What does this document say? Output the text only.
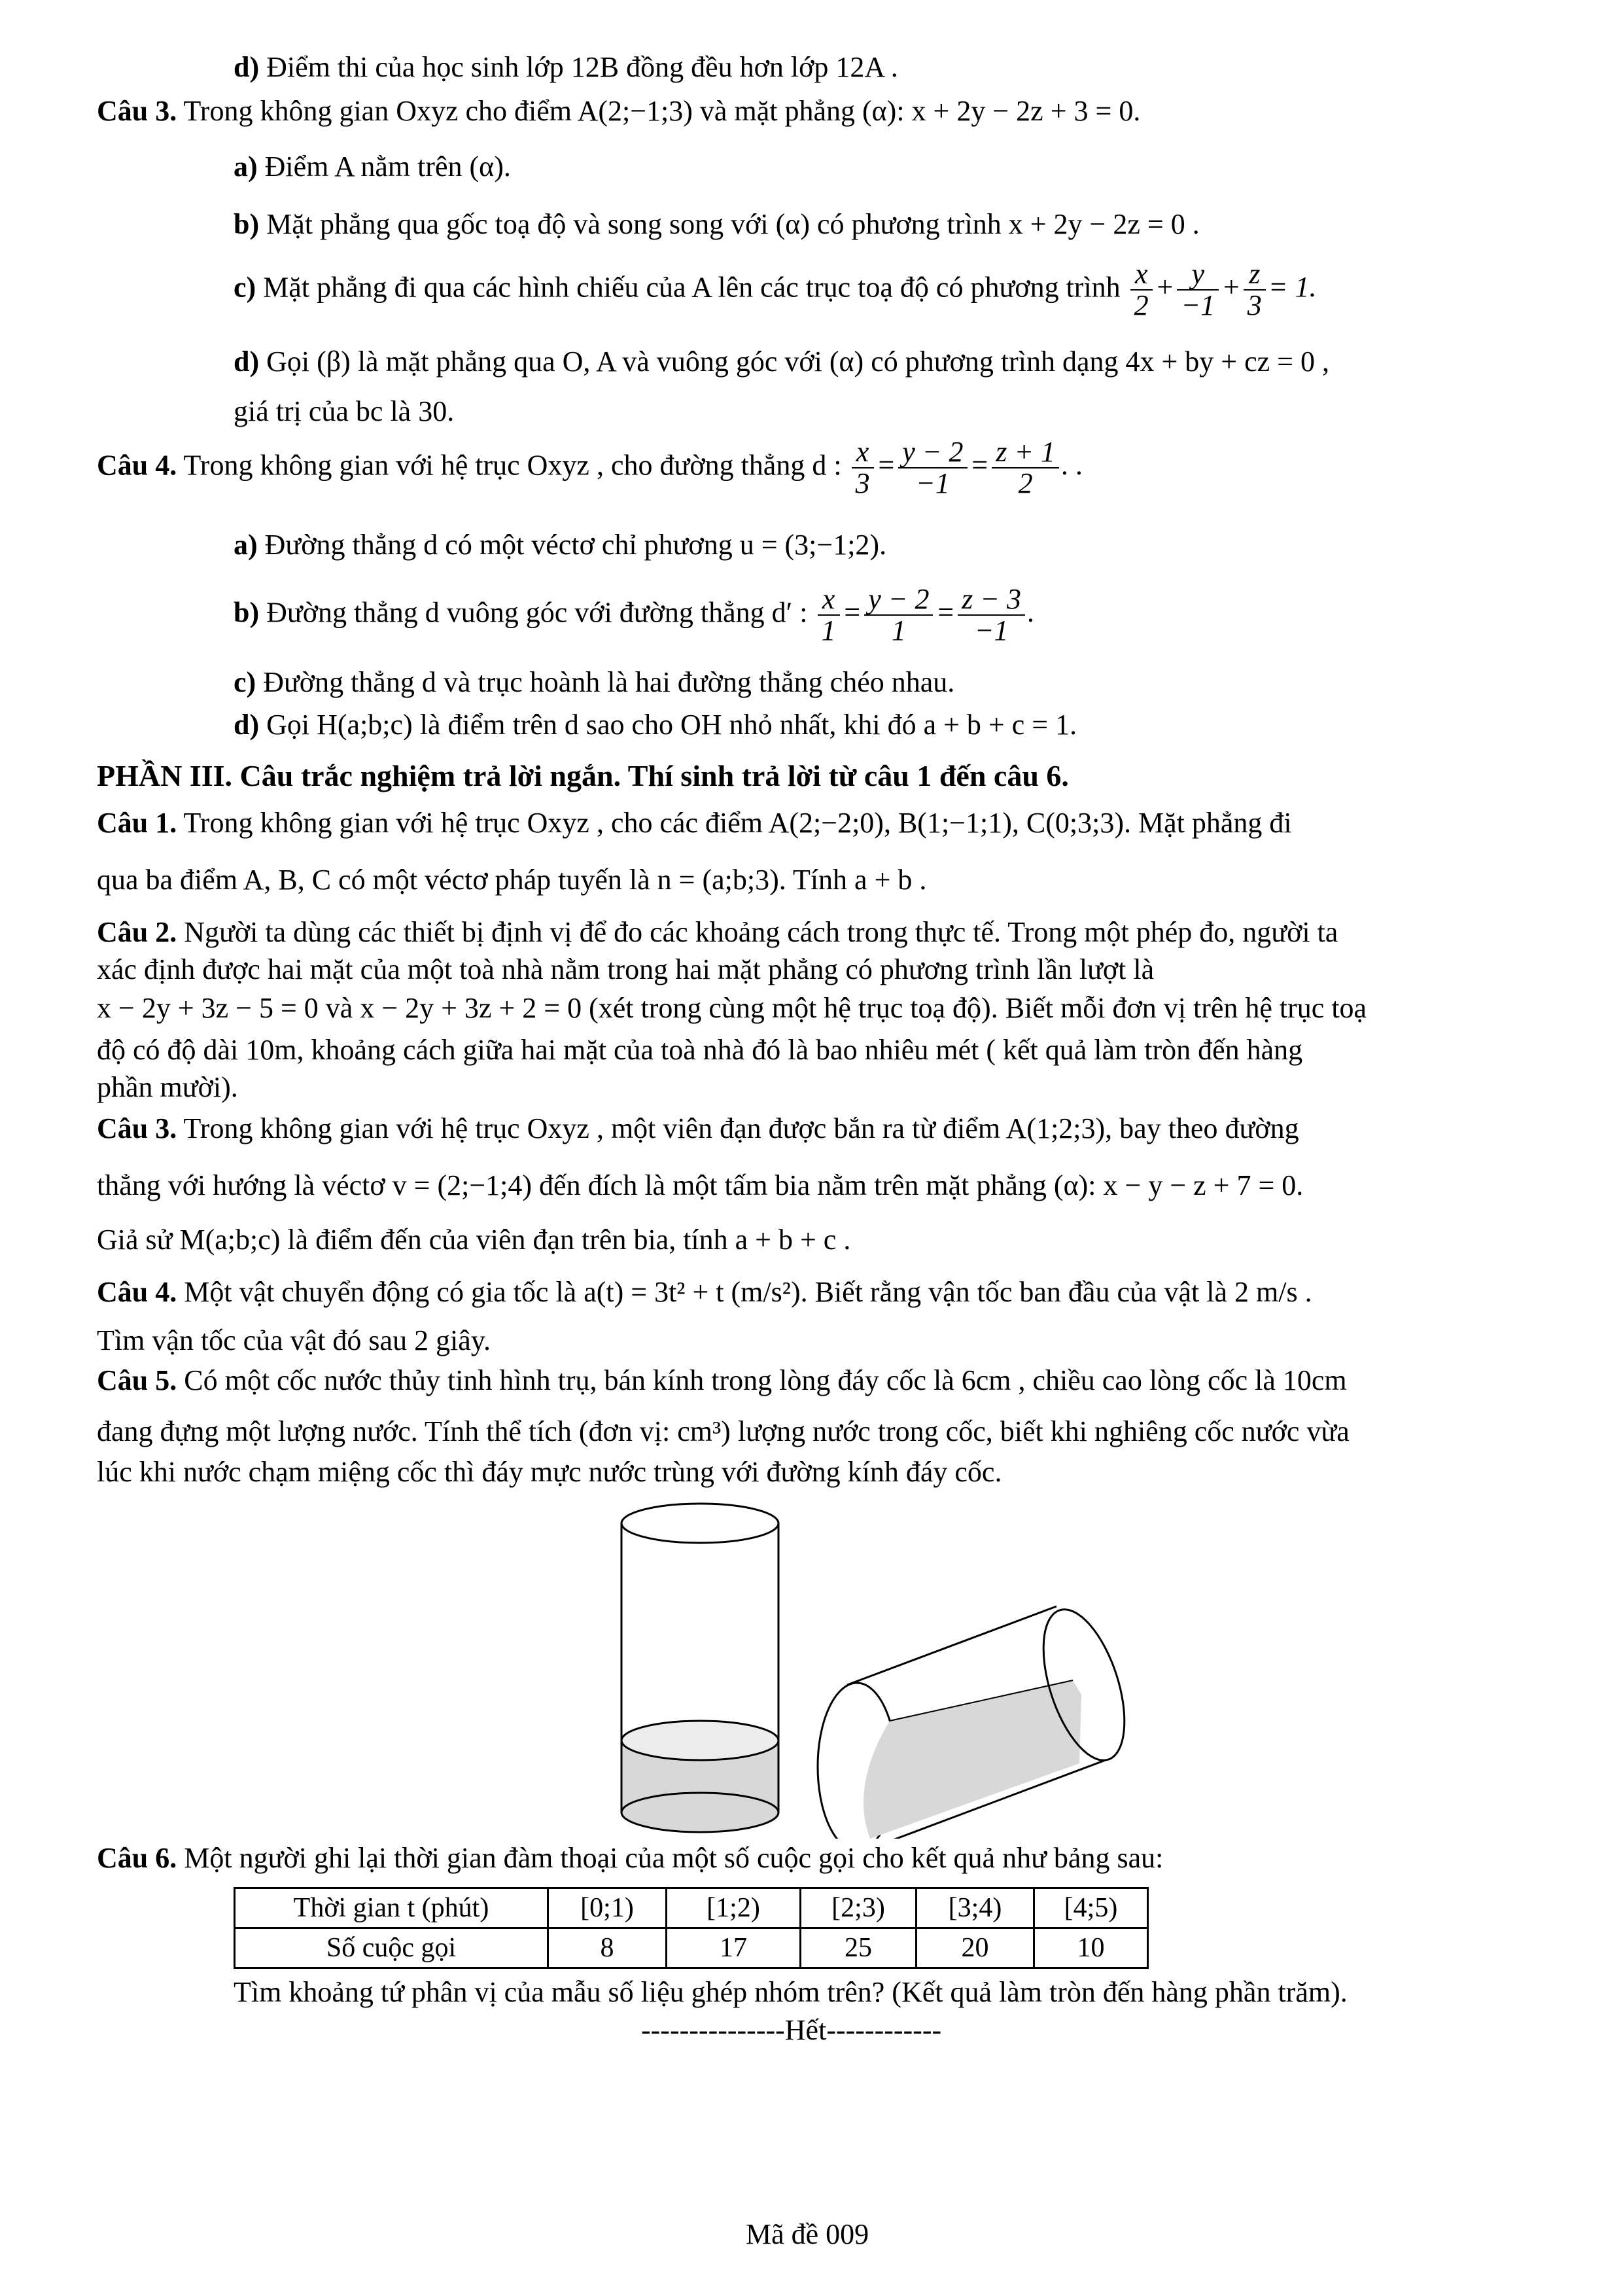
d) Điểm thi của học sinh lớp 12B đồng đều hơn lớp 12A .
Câu 3. Trong không gian Oxyz cho điểm A(2;−1;3) và mặt phẳng (α): x + 2y − 2z + 3 = 0.
a) Điểm A nằm trên (α).
b) Mặt phẳng qua gốc toạ độ và song song với (α) có phương trình x + 2y − 2z = 0 .
c) Mặt phẳng đi qua các hình chiếu của A lên các trục toạ độ có phương trình $\frac{x}{2} + \frac{y}{-1} + \frac{z}{3} = 1$.
d) Gọi (β) là mặt phẳng qua O, A và vuông góc với (α) có phương trình dạng 4x + by + cz = 0 ,
giá trị của bc là 30.
Câu 4. Trong không gian với hệ trục Oxyz , cho đường thẳng d : $\frac{x}{3} = \frac{y - 2}{-1} = \frac{z + 1}{2}$ . .
a) Đường thẳng d có một véctơ chỉ phương u = (3;−1;2).
b) Đường thẳng d vuông góc với đường thẳng d′ : $\frac{x}{1} = \frac{y - 2}{1} = \frac{z - 3}{-1}$ .
c) Đường thẳng d và trục hoành là hai đường thẳng chéo nhau.
d) Gọi H(a;b;c) là điểm trên d sao cho OH nhỏ nhất, khi đó a + b + c = 1.
PHẦN III. Câu trắc nghiệm trả lời ngắn. Thí sinh trả lời từ câu 1 đến câu 6.
Câu 1. Trong không gian với hệ trục Oxyz , cho các điểm A(2;−2;0), B(1;−1;1), C(0;3;3). Mặt phẳng đi
qua ba điểm A, B, C có một véctơ pháp tuyến là n = (a;b;3). Tính a + b .
Câu 2. Người ta dùng các thiết bị định vị để đo các khoảng cách trong thực tế. Trong một phép đo, người ta
xác định được hai mặt của một toà nhà nằm trong hai mặt phẳng có phương trình lần lượt là
x − 2y + 3z − 5 = 0 và x − 2y + 3z + 2 = 0 (xét trong cùng một hệ trục toạ độ). Biết mỗi đơn vị trên hệ trục toạ
độ có độ dài 10m, khoảng cách giữa hai mặt của toà nhà đó là bao nhiêu mét ( kết quả làm tròn đến hàng
phần mười).
Câu 3. Trong không gian với hệ trục Oxyz , một viên đạn được bắn ra từ điểm A(1;2;3), bay theo đường
thẳng với hướng là véctơ v = (2;−1;4) đến đích là một tấm bia nằm trên mặt phẳng (α): x − y − z + 7 = 0.
Giả sử M(a;b;c) là điểm đến của viên đạn trên bia, tính a + b + c .
Câu 4. Một vật chuyển động có gia tốc là a(t) = 3t² + t (m/s²). Biết rằng vận tốc ban đầu của vật là 2 m/s .
Tìm vận tốc của vật đó sau 2 giây.
Câu 5. Có một cốc nước thủy tinh hình trụ, bán kính trong lòng đáy cốc là 6cm , chiều cao lòng cốc là 10cm
đang đựng một lượng nước. Tính thể tích (đơn vị: cm³) lượng nước trong cốc, biết khi nghiêng cốc nước vừa
lúc khi nước chạm miệng cốc thì đáy mực nước trùng với đường kính đáy cốc.
Câu 6. Một người ghi lại thời gian đàm thoại của một số cuộc gọi cho kết quả như bảng sau:
Thời gian t (phút)	[0;1)	[1;2)	[2;3)	[3;4)	[4;5)
Số cuộc gọi	8	17	25	20	10
Tìm khoảng tứ phân vị của mẫu số liệu ghép nhóm trên? (Kết quả làm tròn đến hàng phần trăm).
---------------Hết------------
Mã đề 009
